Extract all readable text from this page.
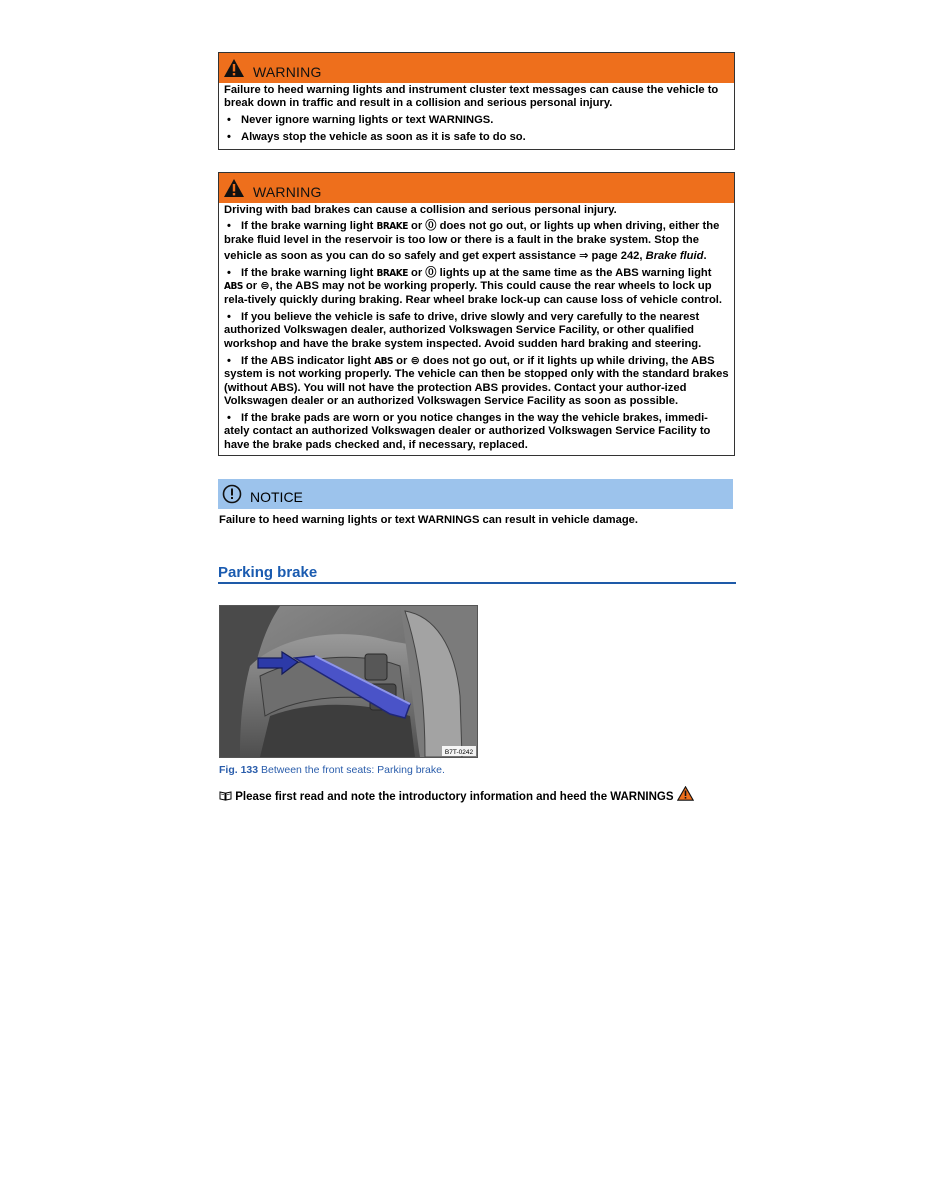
WARNING

Failure to heed warning lights and instrument cluster text messages can cause the vehicle to break down in traffic and result in a collision and serious personal injury.

• Never ignore warning lights or text WARNINGS.
• Always stop the vehicle as soon as it is safe to do so.
WARNING

Driving with bad brakes can cause a collision and serious personal injury.

• If the brake warning light BRAKE or ⓪ does not go out, or lights up when driving, either the brake fluid level in the reservoir is too low or there is a fault in the brake system. Stop the

vehicle as soon as you can do so safely and get expert assistance ⇒ page 242, Brake fluid.

• If the brake warning light BRAKE or ⓪ lights up at the same time as the ABS warning light ABS or ⊜, the ABS may not be working properly. This could cause the rear wheels to lock up rela-tively quickly during braking. Rear wheel brake lock-up can cause loss of vehicle control.
• If you believe the vehicle is safe to drive, drive slowly and very carefully to the nearest authorized Volkswagen dealer, authorized Volkswagen Service Facility, or other qualified workshop and have the brake system inspected. Avoid sudden hard braking and steering.
• If the ABS indicator light ABS or ⊜ does not go out, or if it lights up while driving, the ABS system is not working properly. The vehicle can then be stopped only with the standard brakes (without ABS). You will not have the protection ABS provides. Contact your author-ized Volkswagen dealer or an authorized Volkswagen Service Facility as soon as possible.
• If the brake pads are worn or you notice changes in the way the vehicle brakes, immedi-ately contact an authorized Volkswagen dealer or authorized Volkswagen Service Facility to have the brake pads checked and, if necessary, replaced.
NOTICE
Failure to heed warning lights or text WARNINGS can result in vehicle damage.
Parking brake
B7T-0242
Fig. 133 Between the front seats: Parking brake.
Please first read and note the introductory information and heed the WARNINGS
